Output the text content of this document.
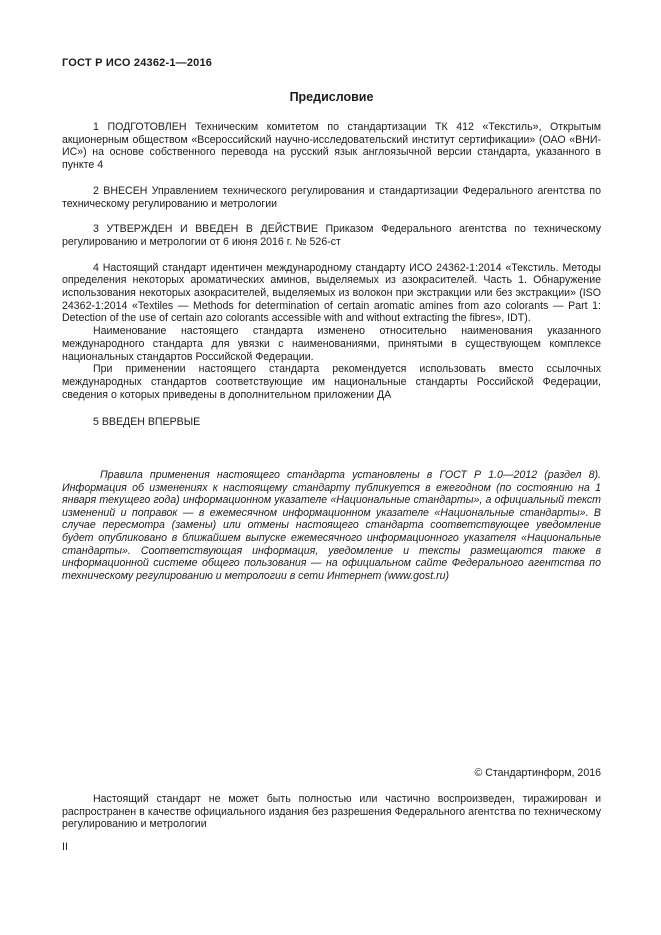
ГОСТ Р ИСО 24362-1—2016
Предисловие

1 ПОДГОТОВЛЕН Техническим комитетом по стандартизации ТК 412 «Текстиль», Открытым акционерным обществом «Всероссийский научно-исследовательский институт сертификации» (ОАО «ВНИ-ИС») на основе собственного перевода на русский язык англоязычной версии стандарта, указанного в пункте 4

2 ВНЕСЕН Управлением технического регулирования и стандартизации Федерального агентства по техническому регулированию и метрологии

3 УТВЕРЖДЕН И ВВЕДЕН В ДЕЙСТВИЕ Приказом Федерального агентства по техническому регулированию и метрологии от 6 июня 2016 г. № 526-ст

4 Настоящий стандарт идентичен международному стандарту ИСО 24362-1:2014 «Текстиль. Методы определения некоторых ароматических аминов, выделяемых из азокрасителей. Часть 1. Обнаружение использования некоторых азокрасителей, выделяемых из волокон при экстракции или без экстракции» (ISO 24362-1:2014 «Textiles — Methods for determination of certain aromatic amines from azo colorants — Part 1: Detection of the use of certain azo colorants accessible with and without extracting the fibres», IDT).

Наименование настоящего стандарта изменено относительно наименования указанного международного стандарта для увязки с наименованиями, принятыми в существующем комплексе национальных стандартов Российской Федерации.

При применении настоящего стандарта рекомендуется использовать вместо ссылочных международных стандартов соответствующие им национальные стандарты Российской Федерации, сведения о которых приведены в дополнительном приложении ДА

5 ВВЕДЕН ВПЕРВЫЕ

Правила применения настоящего стандарта установлены в ГОСТ Р 1.0—2012 (раздел 8). Информация об изменениях к настоящему стандарту публикуется в ежегодном (по состоянию на 1 января текущего года) информационном указателе «Национальные стандарты», а официальный текст изменений и поправок — в ежемесячном информационном указателе «Национальные стандарты». В случае пересмотра (замены) или отмены настоящего стандарта соответствующее уведомление будет опубликовано в ближайшем выпуске ежемесячного информационного указателя «Национальные стандарты». Соответствующая информация, уведомление и тексты размещаются также в информационной системе общего пользования — на официальном сайте Федерального агентства по техническому регулированию и метрологии в сети Интернет (www.gost.ru)

© Стандартинформ, 2016

Настоящий стандарт не может быть полностью или частично воспроизведен, тиражирован и распространен в качестве официального издания без разрешения Федерального агентства по техническому регулированию и метрологии

II
